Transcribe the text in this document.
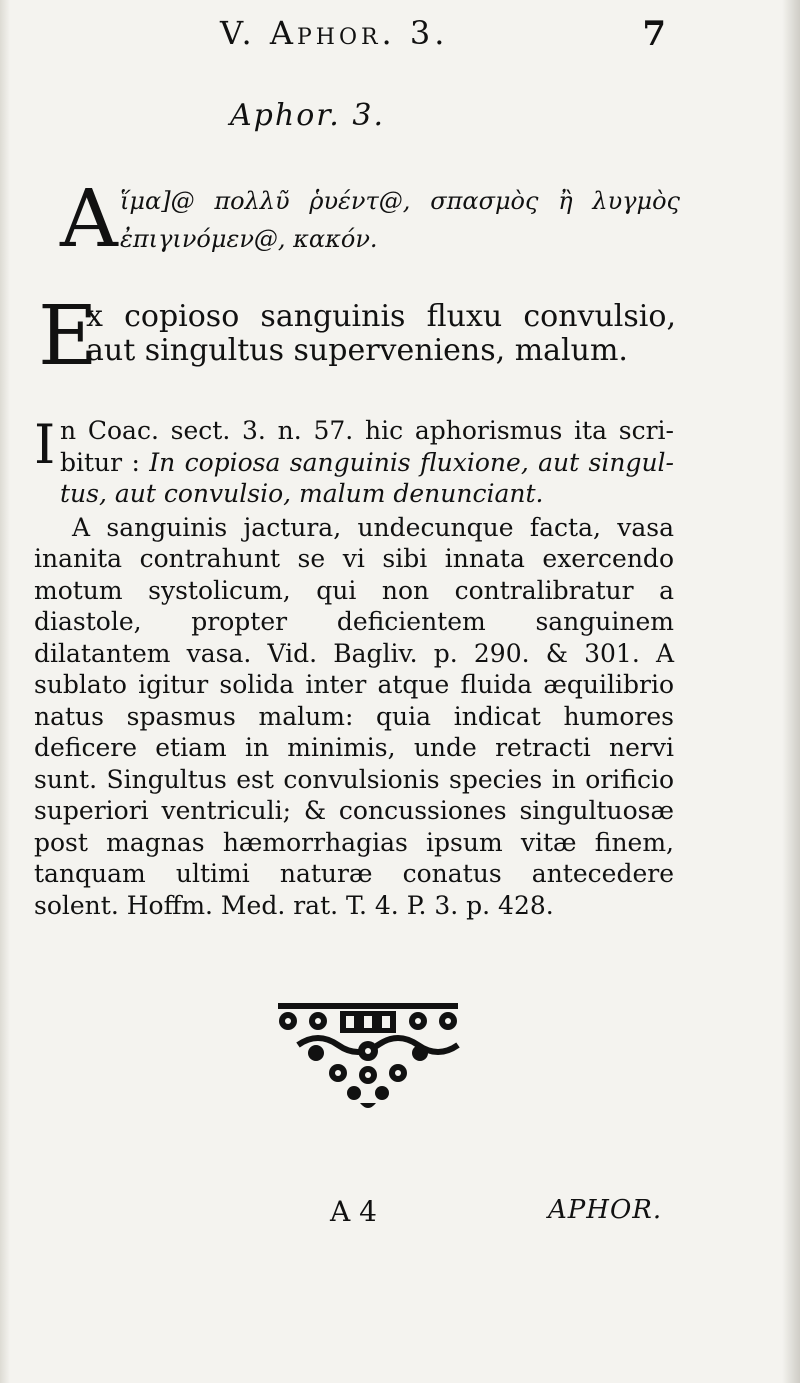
V. Aphor. 3.	7
Aphor. 3.
A ἵμα]@ πολλῦ ῥυέντ@, σπασμὸς ἢ λυγμὸς
ἐπιγινόμεν@, κακόν.
E
x copioso sanguinis fluxu convulsio,
aut singultus superveniens, malum.
I n Coac. sect. 3. n. 57. hic aphorismus ita scri-
bitur : In copiosa sanguinis fluxione, aut singul- tus, aut convulsio, malum denunciant.
A sanguinis jactura, undecunque facta, vasa inanita contrahunt se vi sibi innata exercendo motum systolicum, qui non contralibratur a diastole, propter deficientem sanguinem dilatantem vasa. Vid. Bagliv. p. 290. & 301. A sublato igitur solida inter atque fluida æquilibrio natus spasmus malum: quia indicat humores deficere etiam in minimis, unde retracti nervi sunt. Singultus est convulsionis species in orificio superiori ventriculi; & concussiones singultuosæ post magnas hæmorrhagias ipsum vitæ finem, tanquam ultimi naturæ conatus antecedere solent. Hoffm. Med. rat. T. 4. P. 3. p. 428.
A 4	APHOR.
